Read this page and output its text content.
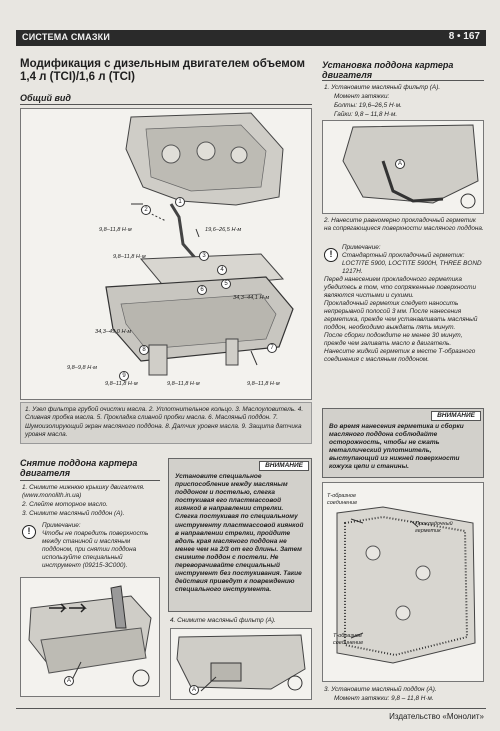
СИСТЕМА СМАЗКИ	8 • 167
Модификация с дизельным двигателем объемом 1,4 л (TCI)/1,6 л (TCI)
Общий вид
9,8–11,8 Н·м	19,6–26,5 Н·м
9,8–11,8 Н·м
34,3–44,1 Н·м
34,3–49,0 Н·м
9,8–9,8 Н·м
9,8–11,8 Н·м	9,8–11,8 Н·м	9,8–11,8 Н·м
2
1
3
4
5
6
7
8
9
1. Узел фильтра грубой очистки масла. 2. Уплотнительное кольцо. 3. Маслоуловитель. 4. Сливная пробка масла. 5. Прокладка сливной пробки масла. 6. Масляный поддон. 7. Шумоизолирующий экран масляного поддона. 8. Датчик уровня масла. 9. Защита датчика уровня масла.
Снятие поддона картера двигателя

1. Снимите нижнюю крышку двигателя. (www.monolith.in.ua)

2. Слейте моторное масло.

3. Снимите масляный поддон (А).

!

Примечание:

Чтобы не повредить поверхность между станиной и масляным поддоном, при снятии поддона используйте специальный инструмент (09215-3C000).

A
ВНИМАНИЕ
Установите специальное приспособление между масляным поддоном и постелью, слегка постукивая его пластмассовой киянкой в направлении стрелки. Слегка постукивая по специальному инструменту пластмассовой киянкой в направлении стрелки, пройдите вдоль края масляного поддона не менее чем на 2/3 от его длины. Затем снимите поддон с постели. Не переворачивайте специальный инструмент без постукивания. Такие действия приведут к повреждению специального инструмента.
4. Снимите масляный фильтр (А).
A
Установка поддона картера двигателя

1. Установите масляный фильтр (А).

Момент затяжки:

Болты: 19,6–26,5 Н·м.

Гайки: 9,8 – 11,8 Н·м.

A
2. Нанесите равномерно прокладочный герметик на сопрягающиеся поверхности масляного поддона.
!

Примечание:

Стандартный прокладочный герметик: LOCTITE 5900, LOCTITE 5900H, THREE BOND 1217H.

Перед нанесением прокладочного герметика убедитесь в том, что сопряженные поверхности являются чистыми и сухими.

Прокладочный герметик следует наносить непрерывной полосой 3 мм. После нанесения герметика, прежде чем устанавливать масляный поддон, необходимо выждать пять минут.

После сборки подождите не менее 30 минут, прежде чем заливать масло в двигатель.

Нанесите жидкий герметик в месте Т-образного соединения с масляным поддоном.

ВНИМАНИЕ
Во время нанесения герметика и сборки масляного поддона соблюдайте осторожность, чтобы не сжать металлический уплотнитель, выступающий из нижней поверхности кожуха цепи и станины.
Т-образное соединение
Прокладочный герметик
Т-образное соединение

3. Установите масляный поддон (А).

Момент затяжки: 9,8 – 11,8 Н·м.

Издательство «Монолит»
